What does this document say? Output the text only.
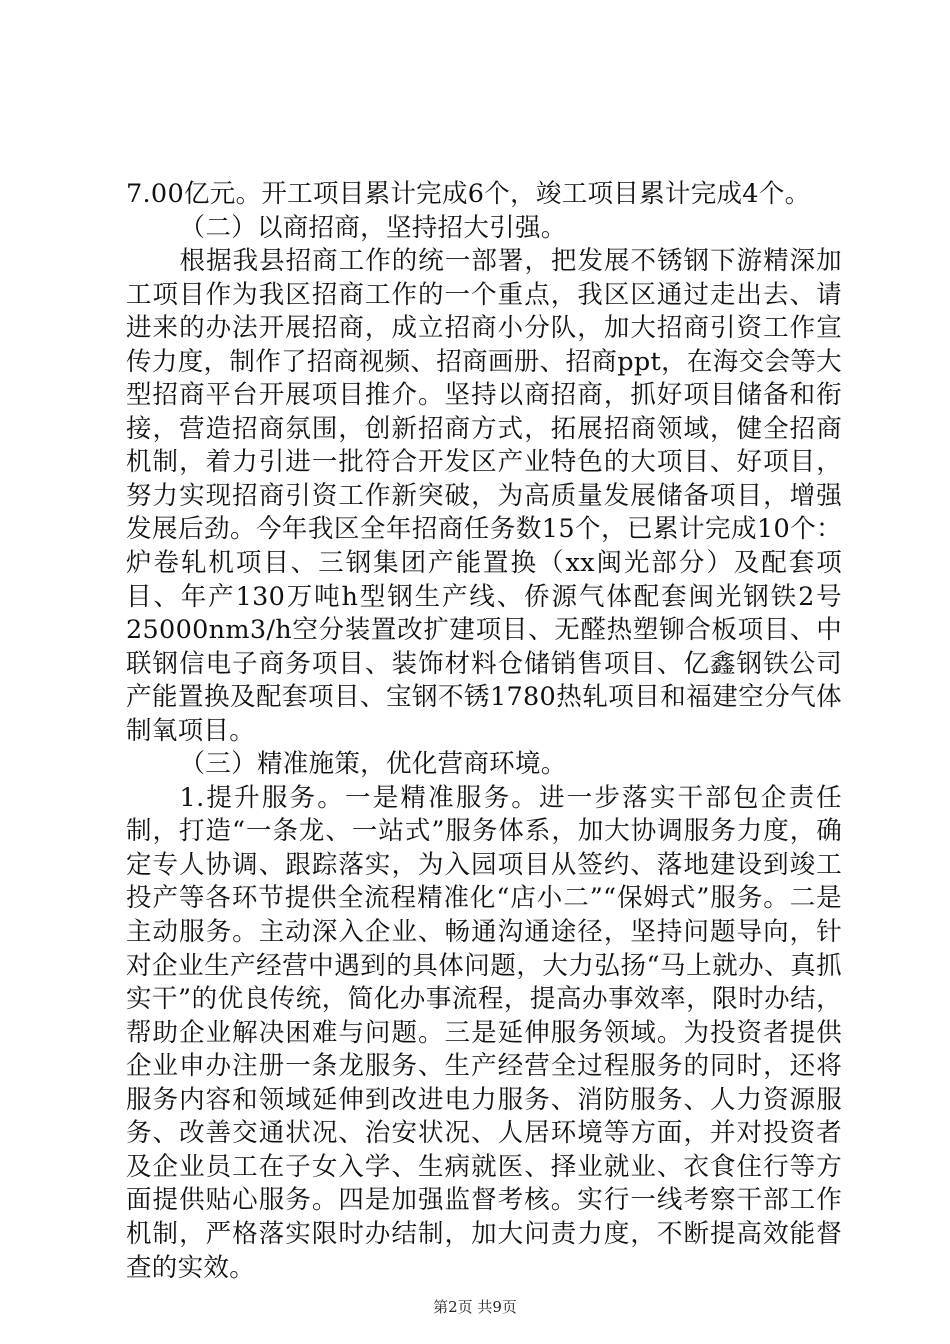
7.00亿元。开工项目累计完成6个，竣工项目累计完成4个。

（二）以商招商，坚持招大引强。

根据我县招商工作的统一部署，把发展不锈钢下游精深加工项目作为我区招商工作的一个重点，我区区通过走出去、请进来的办法开展招商，成立招商小分队，加大招商引资工作宣传力度，制作了招商视频、招商画册、招商ppt，在海交会等大型招商平台开展项目推介。坚持以商招商，抓好项目储备和衔接，营造招商氛围，创新招商方式，拓展招商领域，健全招商机制，着力引进一批符合开发区产业特色的大项目、好项目，努力实现招商引资工作新突破，为高质量发展储备项目，增强发展后劲。今年我区全年招商任务数15个，已累计完成10个：炉卷轧机项目、三钢集团产能置换（xx闽光部分）及配套项目、年产130万吨h型钢生产线、侨源气体配套闽光钢铁2号25000nm3/h空分装置改扩建项目、无醛热塑铆合板项目、中联钢信电子商务项目、装饰材料仓储销售项目、亿鑫钢铁公司产能置换及配套项目、宝钢不锈1780热轧项目和福建空分气体制氧项目。

（三）精准施策，优化营商环境。

1.提升服务。一是精准服务。进一步落实干部包企责任制，打造“一条龙、一站式”服务体系，加大协调服务力度，确定专人协调、跟踪落实，为入园项目从签约、落地建设到竣工投产等各环节提供全流程精准化“店小二”“保姆式”服务。二是主动服务。主动深入企业、畅通沟通途径，坚持问题导向，针对企业生产经营中遇到的具体问题，大力弘扬“马上就办、真抓实干”的优良传统，简化办事流程，提高办事效率，限时办结，帮助企业解决困难与问题。三是延伸服务领域。为投资者提供企业申办注册一条龙服务、生产经营全过程服务的同时，还将服务内容和领域延伸到改进电力服务、消防服务、人力资源服务、改善交通状况、治安状况、人居环境等方面，并对投资者及企业员工在子女入学、生病就医、择业就业、衣食住行等方面提供贴心服务。四是加强监督考核。实行一线考察干部工作机制，严格落实限时办结制，加大问责力度，不断提高效能督查的实效。

第2页 共9页
